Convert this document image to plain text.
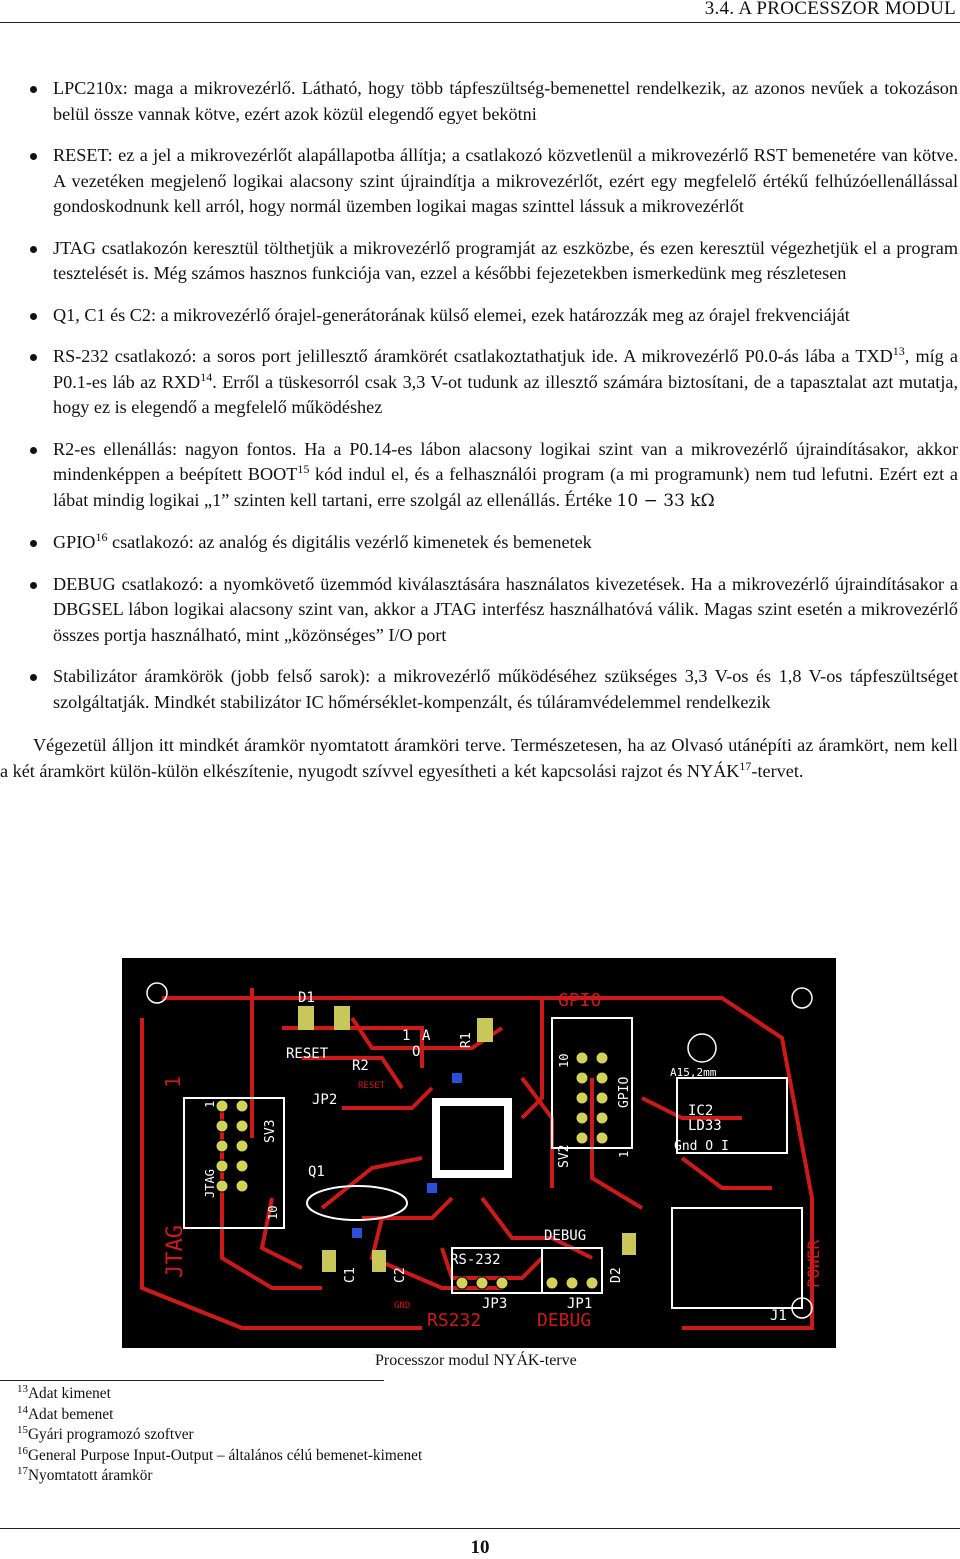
3.4. A PROCESSZOR MODUL
LPC210x: maga a mikrovezérlő. Látható, hogy több tápfeszültség-bemenettel rendelkezik, az azonos nevűek a tokozáson belül össze vannak kötve, ezért azok közül elegendő egyet bekötni
RESET: ez a jel a mikrovezérlőt alapállapotba állítja; a csatlakozó közvetlenül a mikrovezérlő RST bemenetére van kötve. A vezetéken megjelenő logikai alacsony szint újraindítja a mikrovezérlőt, ezért egy megfelelő értékű felhúzóellenállással gondoskodnunk kell arról, hogy normál üzemben logikai magas szinttel lássuk a mikrovezérlőt
JTAG csatlakozón keresztül tölthetjük a mikrovezérlő programját az eszközbe, és ezen keresztül végezhetjük el a program tesztelését is. Még számos hasznos funkciója van, ezzel a későbbi fejezetekben ismerkedünk meg részletesen
Q1, C1 és C2: a mikrovezérlő órajel-generátorának külső elemei, ezek határozzák meg az órajel frekvenciáját
RS-232 csatlakozó: a soros port jelillesztő áramkörét csatlakoztathatjuk ide. A mikrovezérlő P0.0-ás lába a TXD$^{13}$, míg a P0.1-es láb az RXD$^{14}$. Erről a tüskesorról csak 3,3 V-ot tudunk az illesztő számára biztosítani, de a tapasztalat azt mutatja, hogy ez is elegendő a megfelelő működéshez
R2-es ellenállás: nagyon fontos. Ha a P0.14-es lábon alacsony logikai szint van a mikrovezérlő újraindításakor, akkor mindenképpen a beépített BOOT$^{15}$ kód indul el, és a felhasználói program (a mi programunk) nem tud lefutni. Ezért ezt a lábat mindig logikai „1” szinten kell tartani, erre szolgál az ellenállás. Értéke 10 − 33 kΩ
GPIO$^{16}$ csatlakozó: az analóg és digitális vezérlő kimenetek és bemenetek
DEBUG csatlakozó: a nyomkövető üzemmód kiválasztására használatos kivezetések. Ha a mikrovezérlő újraindításakor a DBGSEL lábon logikai alacsony szint van, akkor a JTAG interfész használhatóvá válik. Magas szint esetén a mikrovezérlő összes portja használható, mint „közönséges” I/O port
Stabilizátor áramkörök (jobb felső sarok): a mikrovezérlő működéséhez szükséges 3,3 V-os és 1,8 V-os tápfeszültséget szolgáltatják. Mindkét stabilizátor IC hőmérséklet-kompenzált, és túláramvédelemmel rendelkezik
Végezetül álljon itt mindkét áramkör nyomtatott áramköri terve. Természetesen, ha az Olvasó utánépíti az áramkört, nem kell a két áramkört külön-külön elkészítenie, nyugodt szívvel egyesítheti a két kapcsolási rajzot és NYÁK$^{17}$-tervet.
D1
RESET
R2
RESET
JP2
R1
1 A
O
SV3
JTAG
1
10
Q1
C1	C2
GND
RS-232
JP3
RS232
JTAG
1
GPIO
GPIO
SV2	1
10
DEBUG
JP1
DEBUG
D2
A15,2mm
IC2
LD33
Gnd O I
POWER
J1
Processzor modul NYÁK-terve
$^{13}$Adat kimenet
$^{14}$Adat bemenet
$^{15}$Gyári programozó szoftver
$^{16}$General Purpose Input-Output – általános célú bemenet-kimenet
$^{17}$Nyomtatott áramkör
10
